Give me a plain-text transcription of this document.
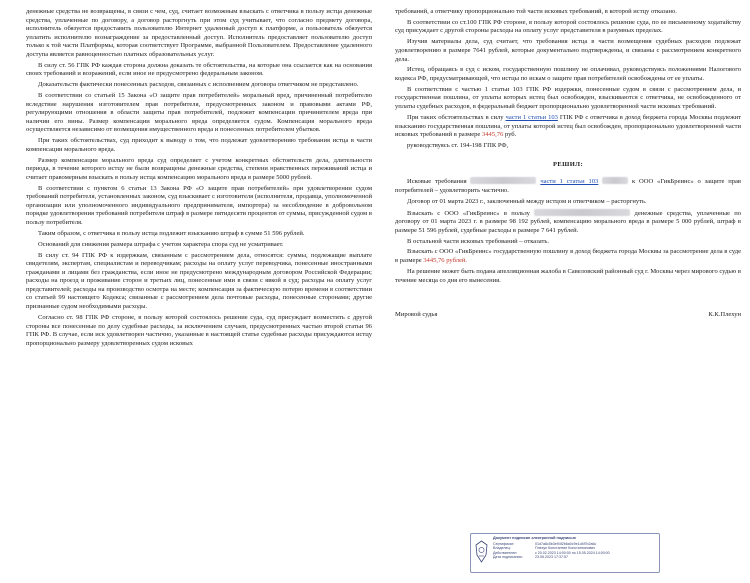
денежные средства не возвращены, в связи с чем, суд, считает возможным взыскать с ответчика в пользу истца денежные средства, уплаченные по договору, а договор расторгнуть при этом суд учитывает, что согласно предмету договора, исполнитель обязуется предоставить пользователю Интернет удаленный доступ к платформе, а пользователь обязуется уплатить исполнителю вознаграждение за предоставленный доступ. Исполнитель предоставляет пользователю доступ только к той части Платформы, которая соответствует Программе, выбранной Пользователем. Предоставление удаленного доступа является равноценностью платных образовательных услуг.

В силу ст. 56 ГПК РФ каждая сторона должна доказать те обстоятельства, на которые она ссылается как на основания своих требований и возражений, если иное не предусмотрено федеральным законом.

Доказательств фактически понесенных расходов, связанных с исполнением договора ответчиком не представлено.

В соответствии со статьей 15 Закона «О защите прав потребителей» моральный вред, причиненный потребителю вследствие нарушения изготовителем прав потребителя, предусмотренных законом и правовыми актами РФ, регулирующими отношения в области защиты прав потребителей, подлежит компенсации причинителем вреда при наличии его вины. Размер компенсации морального вреда определяется судом. Компенсация морального вреда осуществляется независимо от возмещения имущественного вреда и понесенных потребителем убытков.

При таких обстоятельствах, суд приходит к выводу о том, что подлежат удовлетворению требования истца в части компенсации морального вреда.

Размер компенсации морального вреда суд определяет с учетом конкретных обстоятельств дела, длительности периода, в течение которого истцу не были возвращены денежные средства, степени нравственных переживаний истца и считает правомерным взыскать в пользу истца компенсацию морального вреда в размере 5000 рублей.

В соответствии с пунктом 6 статьи 13 Закона РФ «О защите прав потребителей» при удовлетворении судом требований потребителя, установленных законом, суд взыскивает с изготовителя (исполнителя, продавца, уполномоченной организации или уполномоченного индивидуального предпринимателя, импортера) за несоблюдение в добровольном порядке удовлетворения требований потребителя штраф в размере пятидесяти процентов от суммы, присужденной судом в пользу потребителя.

Таким образом, с ответчика в пользу истца подлежит взысканию штраф в сумме 51 596 рублей.

Оснований для снижения размера штрафа с учетом характера спора суд не усматривает.

В силу ст. 94 ГПК РФ к издержкам, связанным с рассмотрением дела, относятся: суммы, подлежащие выплате свидетелям, экспертам, специалистам и переводчикам; расходы на оплату услуг переводчика, понесенные иностранными гражданами и лицами без гражданства, если иное не предусмотрено международным договором Российской Федерации; расходы на проезд и проживание сторон и третьих лиц, понесенные ими в связи с явкой в суд; расходы на оплату услуг представителей; расходы на производство осмотра на месте; компенсация за фактическую потерю времени в соответствии со статьей 99 настоящего Кодекса; связанные с рассмотрением дела почтовые расходы, понесенные сторонами; другие признанные судом необходимыми расходы.

Согласно ст. 98 ГПК РФ стороне, в пользу которой состоялось решение суда, суд присуждает возместить с другой стороны все понесенные по делу судебные расходы, за исключением случаев, предусмотренных частью второй статьи 96 ГПК РФ. В случае, если иск удовлетворен частично, указанные в настоящей статье судебные расходы присуждаются истцу пропорционально размеру удовлетворенных судом исковых

требований, а ответчику пропорционально той части исковых требований, в которой истцу отказано.

В соответствии со ст.100 ГПК РФ стороне, в пользу которой состоялось решение суда, по ее письменному ходатайству суд присуждает с другой стороны расходы на оплату услуг представителя в разумных пределах.

Изучив материалы дела, суд считает, что требования истца в части возмещения судебных расходов подлежат удовлетворению в размере 7641 рублей, которые документально подтверждены, и связаны с рассмотрением конкретного дела.

Истец, обращаясь в суд с иском, государственную пошлину не оплачивал, руководствуясь положениями Налогового кодекса РФ, предусматривающей, что истцы по искам о защите прав потребителей освобождены от ее уплаты.

В соответствии с частью 1 статьи 103 ГПК РФ издержки, понесенные судом в связи с рассмотрением дела, и государственная пошлина, от уплаты которых истец был освобожден, взыскиваются с ответчика, не освобожденного от уплаты судебных расходов, в федеральный бюджет пропорционально удовлетворенной части исковых требований.

При таких обстоятельствах в силу части 1 статьи 103 ГПК РФ с ответчика в доход бюджета города Москвы подлежит взысканию государственная пошлина, от уплаты которой истец был освобожден, пропорционально удовлетворенной части исковых требований в размере 3445,76 руб.

руководствуясь ст. 194-198 ГПК РФ,

РЕШИЛ:

Исковые требования	части 1 статьи 103	к ООО «ГикБреинс» о защите прав потребителей – удовлетворить частично.

Договор от 01 марта 2023 г., заключенный между истцом и ответчиком – расторгнуть.

Взыскать с ООО «ГикБреинс» в пользу	денежные средства, уплаченные по договору от 01 марта 2023 г. в размере 98 192 рублей, компенсацию морального вреда в размере 5 000 рублей, штраф в размере 51 596 рублей, судебные расходы в размере 7 641 рублей.

В остальной части исковых требований – отказать.

Взыскать с ООО «ГикБреинс» государственную пошлину в доход бюджета города Москвы за рассмотрение дела в суде в размере 3445,76 рублей.

На решение может быть подана апелляционная жалоба в Савеловский районный суд г. Москвы через мирового судью в течение месяца со дня его вынесения.

Мировой судья	К.К.Плехун
Документ подписан электронной подписью
Сертификат:	01d7a8c5b3e94f2b6a0c9e1d4f7b2a6c
Владелец:	Плехун Константин Константинович
Действителен:	с 20.02.2023 14:00:00 по 15.05.2024 14:00:00
Дата подписания:	23.06.2023 17:37:57
